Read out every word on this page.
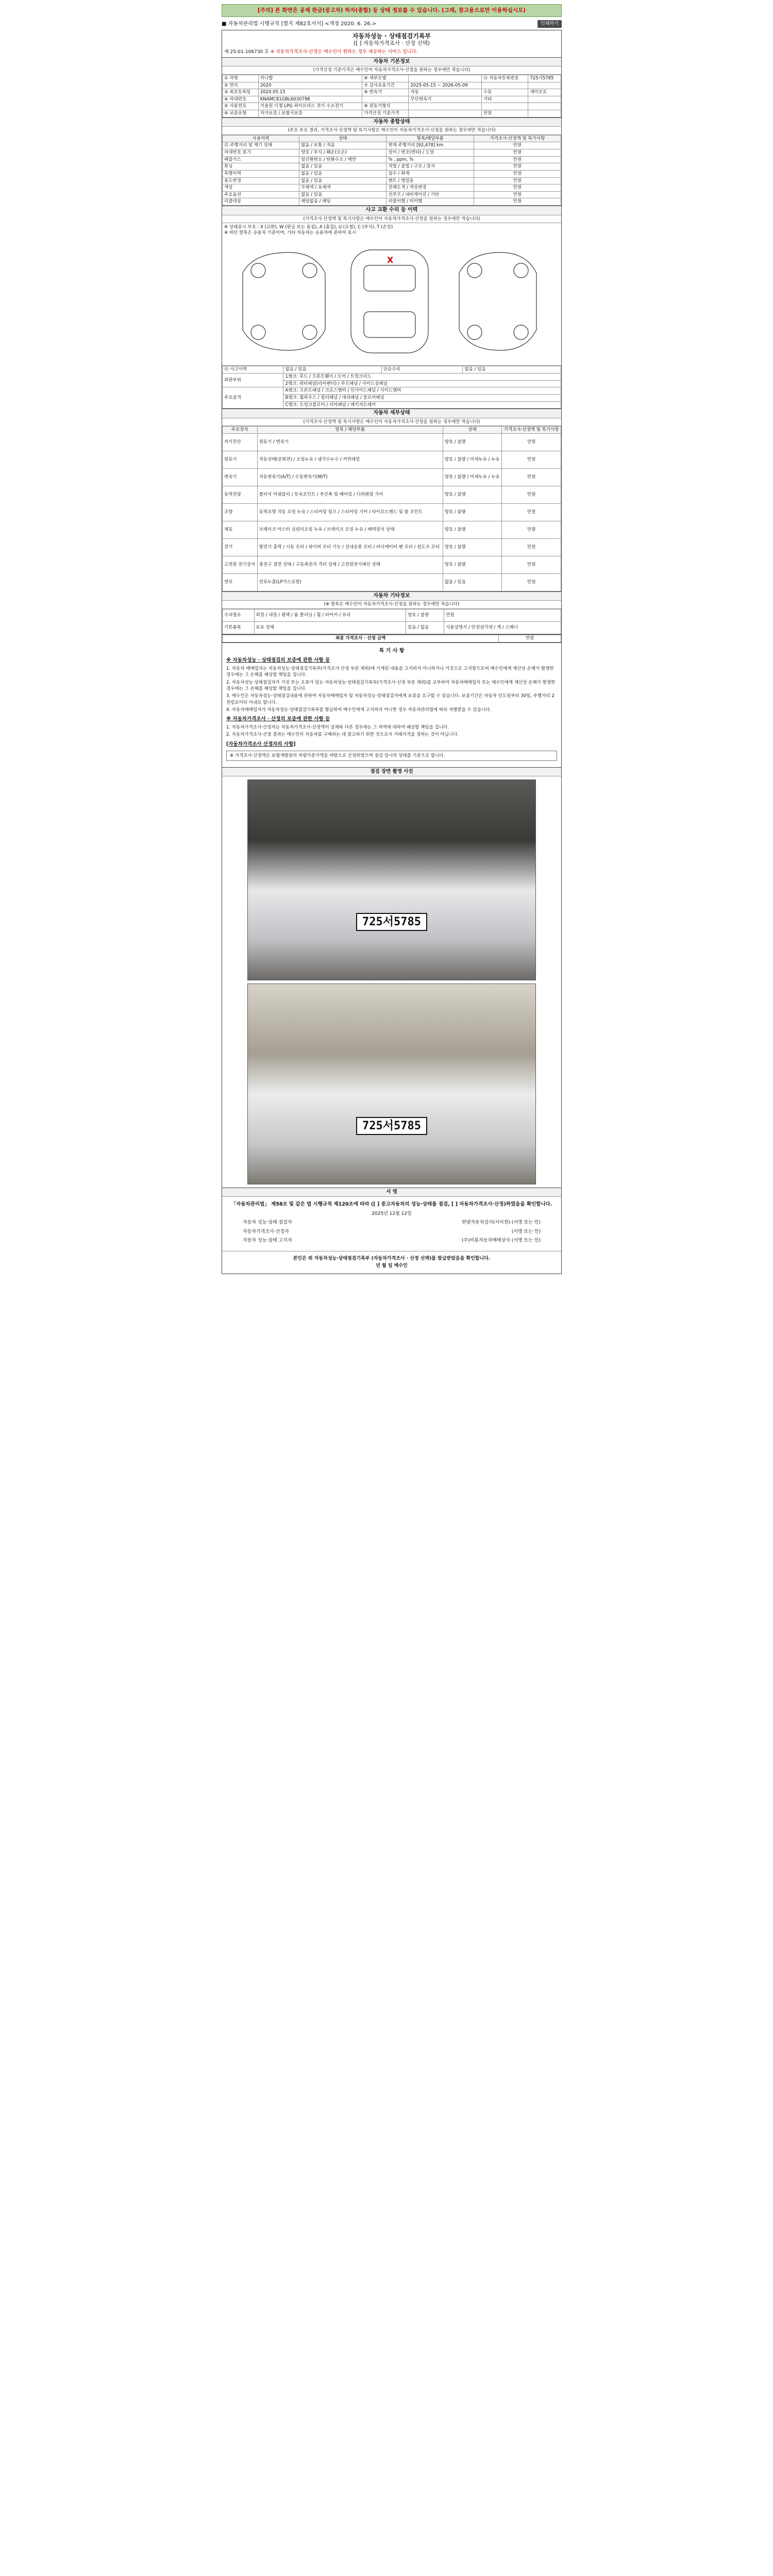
[주의] 본 화면은 공제 판금(중고차) 하자(종합) 등 상태 정보를 수 있습니다. (그래, 참고용으로만 이용하십시오)
■ 자동차관리법 시행규칙 [별지 제82호서식] <개정 2020. 6. 26.>	인쇄하기
자동차성능 · 상태점검기록부
([ ] 자동차가격조사 · 산정 선택)
제 25-01-106730 호 ※ 자동차가격조사·산정은 매수인이 원하는 경우 제공하는 서비스 입니다.
자동차 기본정보
(가격산정 기준가격은 매수인이 자동차가격조사·산정을 원하는 경우에만 적습니다)
① 차명	카니발	⑥ 세부모델		⑪ 자동차등록번호	725서5785
② 연식	2020	⑦ 검사유효기간	2025-05-15 ~ 2026-05-09		
③ 최초등록일	2020.05.15	⑧ 변속기	자동	수동	세미오토
④ 차대번호	KNAMC81GBL6030798		무단변속기	기타	
⑤ 사용연료	가솔린 디젤 LPG 하이브리드 전기 수소전기	⑨ 원동기형식			
⑩ 보증유형	자가보증 / 보험사보증	가격산정 기준가격		만원	
자동차 종합상태
(주요 주요 결과, 가격조사·산정액 및 특기사항은 매수인이 자동차가격조사·산정을 원하는 경우에만 적습니다)
사용이력	상태	항목/해당부품	가격조사·산정액 및 특기사항
⑫ 주행거리 및 계기 상태	많음 / 보통 / 적음	현재 주행거리 [92,478] km	만원
차대번호 표기	양호 / 부식 / 훼손(오손)	상이 / 변조(변타) / 도말	만원
배출가스	일산화탄소 / 탄화수소 / 매연	% , ppm, %	만원
튜닝	없음 / 있음	적법 / 불법 / 구조 / 장치	만원
특별이력	없음 / 있음	침수 / 화재	만원
용도변경	없음 / 있음	렌트 / 영업용	만원
색상	무채색 / 유채색	전체도색 / 색상변경	만원
주요옵션	없음 / 있음	선루프 / 내비게이션 / 기타	만원
리콜대상	해당없음 / 해당	리콜이행 / 미이행	만원
사고 교환 수리 등 이력
(가격조사·산정액 및 특기사항은 매수인이 자동차가격조사·산정을 원하는 경우에만 적습니다)
※ 상태표시 부호 : X (교환), W (판금 또는 용접), A (흠집), U (요철), C (부식), T (손상)
※ 하단 항목은 승용차 기준이며, 기타 자동차는 승용차에 준하여 표시
X
⑬ 사고이력	없음 / 있음	단순수리	없음 / 있음
외판부위	1랭크: 후드 / 프론트휀더 / 도어 / 트렁크리드		
	2랭크: 쿼터패널(리어펜더) / 루프패널 / 사이드실패널		
주요골격	A랭크: 프론트패널 / 크로스멤버 / 인사이드패널 / 사이드멤버		
	B랭크: 휠하우스 / 필러패널 / 대쉬패널 / 플로어패널		
	C랭크: 트렁크플로어 / 리어패널 / 패키지트레이		
자동차 세부상태
(가격조사·산정액 및 특기사항은 매수인이 자동차가격조사·산정을 원하는 경우에만 적습니다)
주요장치	항목 / 해당부품	상태	가격조사·산정액 및 특기사항
자기진단	원동기 / 변속기	양호 / 불량	만원
원동기	작동상태(공회전) / 오일누유 / 냉각수누수 / 커먼레일	양호 / 불량 / 미세누유 / 누유	만원
변속기	자동변속기(A/T) / 수동변속기(M/T)	양호 / 불량 / 미세누유 / 누유	만원
동력전달	클러치 어셈블리 / 등속조인트 / 추진축 및 베어링 / 디퍼렌셜 기어	양호 / 불량	만원
조향	동력조향 작동 오일 누유 / 스티어링 펌프 / 스티어링 기어 / 타이로드엔드 및 볼 조인트	양호 / 불량	만원
제동	브레이크 마스터 실린더오일 누유 / 브레이크 오일 누유 / 배력장치 상태	양호 / 불량	만원
전기	발전기 출력 / 시동 모터 / 와이퍼 모터 기능 / 실내송풍 모터 / 라디에이터 팬 모터 / 윈도우 모터	양호 / 불량	만원
고전원 전기장치	충전구 절연 상태 / 구동축전지 격리 상태 / 고전원전기배선 상태	양호 / 불량	만원
연료	연료누출(LP가스포함)	없음 / 있음	만원
자동차 기타정보
(※ 항목은 매수인이 자동차가격조사·산정을 원하는 경우에만 적습니다)
수리필요	외장 / 내장 / 광택 / 룸 클리닝 / 휠 / 타이어 / 유리	양호 / 불량	만원
기본품목	보유 상태	있음 / 없음	사용설명서 / 안전삼각대 / 잭 / 스패너
최종 가격조사 · 산정 금액	만원
특 기 사 항
※ 자동차성능 · 상태점검의 보증에 관한 사항 등

1. 자동차 매매업자는 자동차성능·상태점검기록부(가격조사·산정 부분 제외)에 기재된 내용을 고지하지 아니하거나 거짓으로 고지함으로써 매수인에게 재산상 손해가 발생한 경우에는 그 손해를 배상할 책임을 집니다.

2. 자동차성능·상태점검자가 거짓 또는 오류가 있는 자동차성능·상태점검기록부(가격조사·산정 부분 제외)를 교부하여 자동차매매업자 또는 매수인에게 재산상 손해가 발생한 경우에는 그 손해를 배상할 책임을 집니다.

3. 매수인은 자동차성능·상태점검내용에 관하여 자동차매매업자 및 자동차성능·상태점검자에게 보증을 요구할 수 있습니다. 보증기간은 자동차 인도일부터 30일, 주행거리 2천킬로미터 이내로 합니다.

4. 자동차매매업자가 자동차성능·상태점검기록부를 발급하여 매수인에게 고지하지 아니한 경우 자동차관리법에 따라 처벌받을 수 있습니다.

※ 자동차가격조사 · 산정의 보증에 관한 사항 등

1. 자동차가격조사·산정자는 자동차가격조사·산정액이 실제와 다른 경우에는 그 차액에 대하여 배상할 책임을 집니다.

2. 자동차가격조사·산정 결과는 매수인이 자동차를 구매하는 데 참고하기 위한 것으로서 거래가격을 정하는 것이 아닙니다.

[자동차가격조사 산정자의 사항]
※ 가격조사·산정액은 보험개발원의 차량기준가액을 바탕으로 산정하였으며 점검 당시의 상태를 기준으로 합니다.
점검 장면 촬영 사진
725서5785
725서5785
서 명
「자동차관리법」 제58조 및 같은 법 시행규칙 제120조에 따라 ([ ] 중고자동차의 성능·상태를 점검, [ ] 자동차가격조사·산정)하였음을 확인합니다.
2025년 12월 12일
자동차 성능·상태 점검자	한양자동차검사(서이천) (서명 또는 인)
자동차가격조사·산정자	(서명 또는 인)
자동차 성능·상태 고지자	(주)비룡자동차매매상사 (서명 또는 인)
본인은 위 자동차성능·상태점검기록부 (자동차가격조사 · 산정 선택)를 발급받았음을 확인합니다.
년 월 일 매수인
